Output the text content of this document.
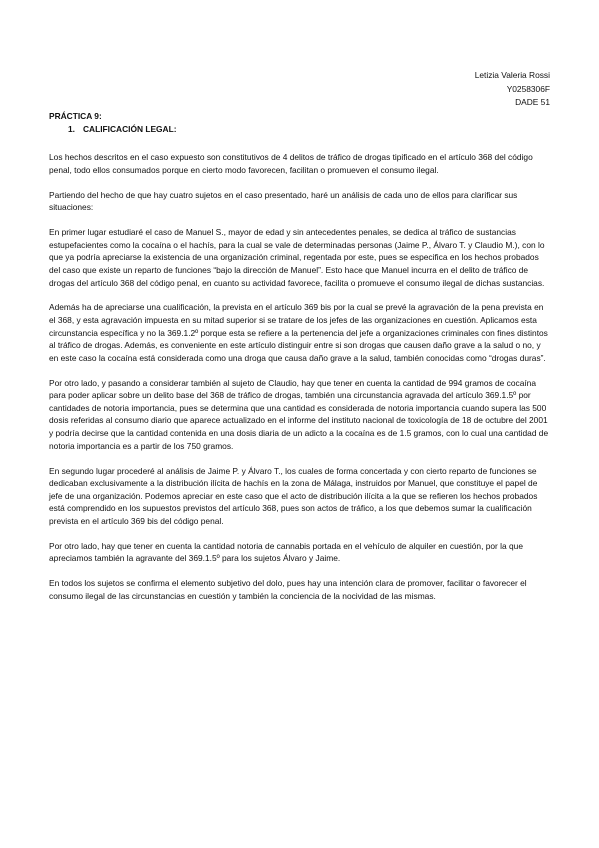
Letizia Valeria Rossi
Y0258306F
DADE 51
PRÁCTICA 9:
1. CALIFICACIÓN LEGAL:

Los hechos descritos en el caso expuesto son constitutivos de 4 delitos de tráfico de drogas tipificado en el artículo 368 del código penal, todo ellos consumados porque en cierto modo favorecen, facilitan o promueven el consumo ilegal.

Partiendo del hecho de que hay cuatro sujetos en el caso presentado, haré un análisis de cada uno de ellos para clarificar sus situaciones:

En primer lugar estudiaré el caso de Manuel S., mayor de edad y sin antecedentes penales, se dedica al tráfico de sustancias estupefacientes como la cocaína o el hachís, para la cual se vale de determinadas personas (Jaime P., Álvaro T. y Claudio M.), con lo que ya podría apreciarse la existencia de una organización criminal, regentada por este, pues se especifica en los hechos probados del caso que existe un reparto de funciones “bajo la dirección de Manuel”. Esto hace que Manuel incurra en el delito de tráfico de drogas del artículo 368 del código penal, en cuanto su actividad favorece, facilita o promueve el consumo ilegal de dichas sustancias.

Además ha de apreciarse una cualificación, la prevista en el artículo 369 bis por la cual se prevé la agravación de la pena prevista en el 368, y esta agravación impuesta en su mitad superior si se tratare de los jefes de las organizaciones en cuestión. Aplicamos esta circunstancia específica y no la 369.1.2º porque esta se refiere a la pertenencia del jefe a organizaciones criminales con fines distintos al tráfico de drogas. Además, es conveniente en este artículo distinguir entre si son drogas que causen daño grave a la salud o no, y en este caso la cocaína está considerada como una droga que causa daño grave a la salud, también conocidas como “drogas duras”.

Por otro lado, y pasando a considerar también al sujeto de Claudio, hay que tener en cuenta la cantidad de 994 gramos de cocaína para poder aplicar sobre un delito base del 368 de tráfico de drogas, también una circunstancia agravada del artículo 369.1.5º por cantidades de notoria importancia, pues se determina que una cantidad es considerada de notoria importancia cuando supera las 500 dosis referidas al consumo diario que aparece actualizado en el informe del instituto nacional de toxicología de 18 de octubre del 2001 y podría decirse que la cantidad contenida en una dosis diaria de un adicto a la cocaína es de 1.5 gramos, con lo cual una cantidad de notoria importancia es a partir de los 750 gramos.

En segundo lugar procederé al análisis de Jaime P. y Álvaro T., los cuales de forma concertada y con cierto reparto de funciones se dedicaban exclusivamente a la distribución ilícita de hachís en la zona de Málaga, instruidos por Manuel, que constituye el papel de jefe de una organización. Podemos apreciar en este caso que el acto de distribución ilícita a la que se refieren los hechos probados está comprendido en los supuestos previstos del artículo 368, pues son actos de tráfico, a los que debemos sumar la cualificación prevista en el artículo 369 bis del código penal.

Por otro lado, hay que tener en cuenta la cantidad notoria de cannabis portada en el vehículo de alquiler en cuestión, por la que apreciamos también la agravante del 369.1.5º para los sujetos Álvaro y Jaime.

En todos los sujetos se confirma el elemento subjetivo del dolo, pues hay una intención clara de promover, facilitar o favorecer el consumo ilegal de las circunstancias en cuestión y también la conciencia de la nocividad de las mismas.
